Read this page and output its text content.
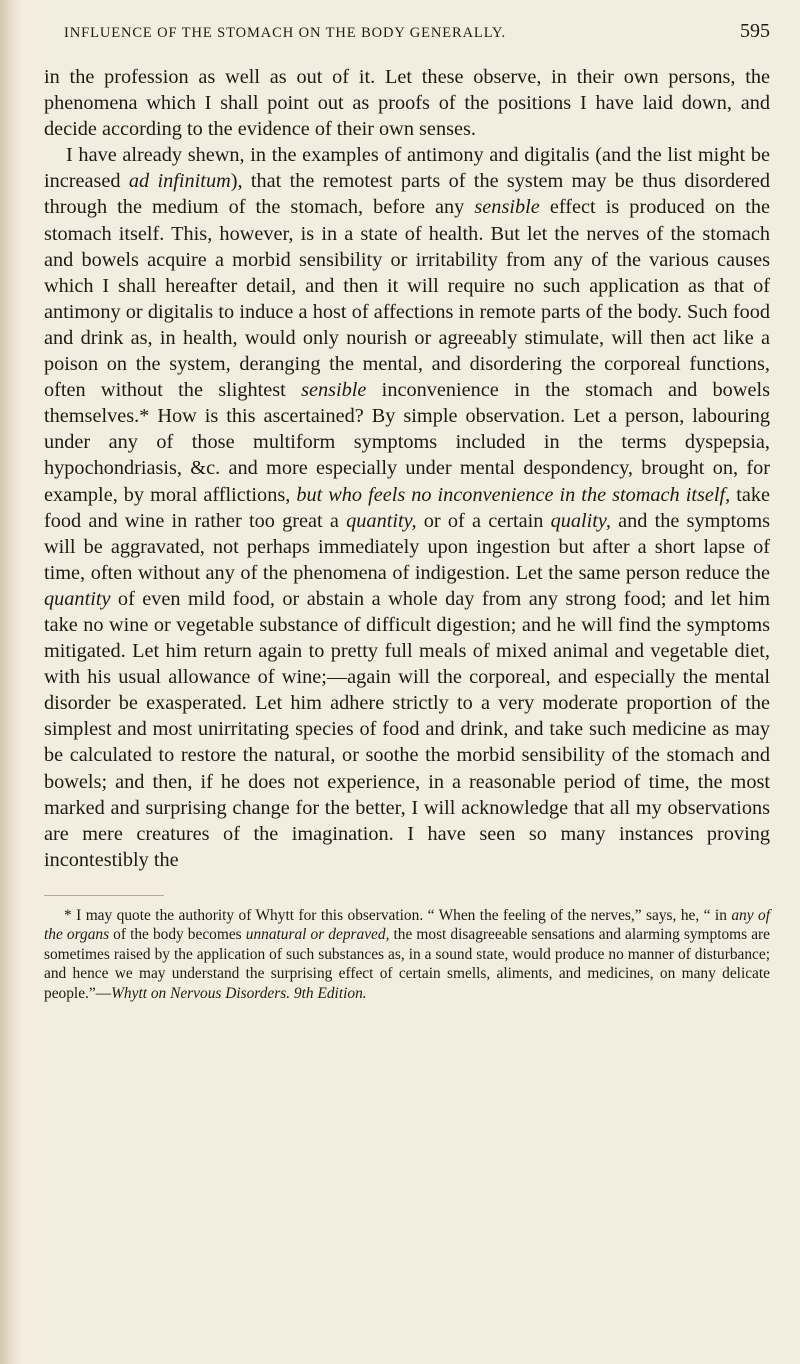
INFLUENCE OF THE STOMACH ON THE BODY GENERALLY.	595

in the profession as well as out of it. Let these observe, in their own persons, the phenomena which I shall point out as proofs of the positions I have laid down, and decide according to the evidence of their own senses.

I have already shewn, in the examples of antimony and digitalis (and the list might be increased ad infinitum), that the remotest parts of the system may be thus disordered through the medium of the stomach, before any sensible effect is produced on the stomach itself. This, however, is in a state of health. But let the nerves of the stomach and bowels acquire a morbid sensibility or irritability from any of the various causes which I shall hereafter detail, and then it will require no such application as that of antimony or digitalis to induce a host of affections in remote parts of the body. Such food and drink as, in health, would only nourish or agreeably stimulate, will then act like a poison on the system, deranging the mental, and disordering the corporeal functions, often without the slightest sensible inconvenience in the stomach and bowels themselves.* How is this ascertained? By simple observation. Let a person, labouring under any of those multiform symptoms included in the terms dyspepsia, hypochondriasis, &c. and more especially under mental despondency, brought on, for example, by moral afflictions, but who feels no inconvenience in the stomach itself, take food and wine in rather too great a quantity, or of a certain quality, and the symptoms will be aggravated, not perhaps immediately upon ingestion but after a short lapse of time, often without any of the phenomena of indigestion. Let the same person reduce the quantity of even mild food, or abstain a whole day from any strong food; and let him take no wine or vegetable substance of difficult digestion; and he will find the symptoms mitigated. Let him return again to pretty full meals of mixed animal and vegetable diet, with his usual allowance of wine;—again will the corporeal, and especially the mental disorder be exasperated. Let him adhere strictly to a very moderate proportion of the simplest and most unirritating species of food and drink, and take such medicine as may be calculated to restore the natural, or soothe the morbid sensibility of the stomach and bowels; and then, if he does not experience, in a reasonable period of time, the most marked and surprising change for the better, I will acknowledge that all my observations are mere creatures of the imagination. I have seen so many instances proving incontestibly the

* I may quote the authority of Whytt for this observation. “ When the feeling of the nerves,” says, he, “ in any of the organs of the body becomes unnatural or depraved, the most disagreeable sensations and alarming symptoms are sometimes raised by the application of such substances as, in a sound state, would produce no manner of disturbance; and hence we may understand the surprising effect of certain smells, aliments, and medicines, on many delicate people.”—Whytt on Nervous Disorders. 9th Edition.
